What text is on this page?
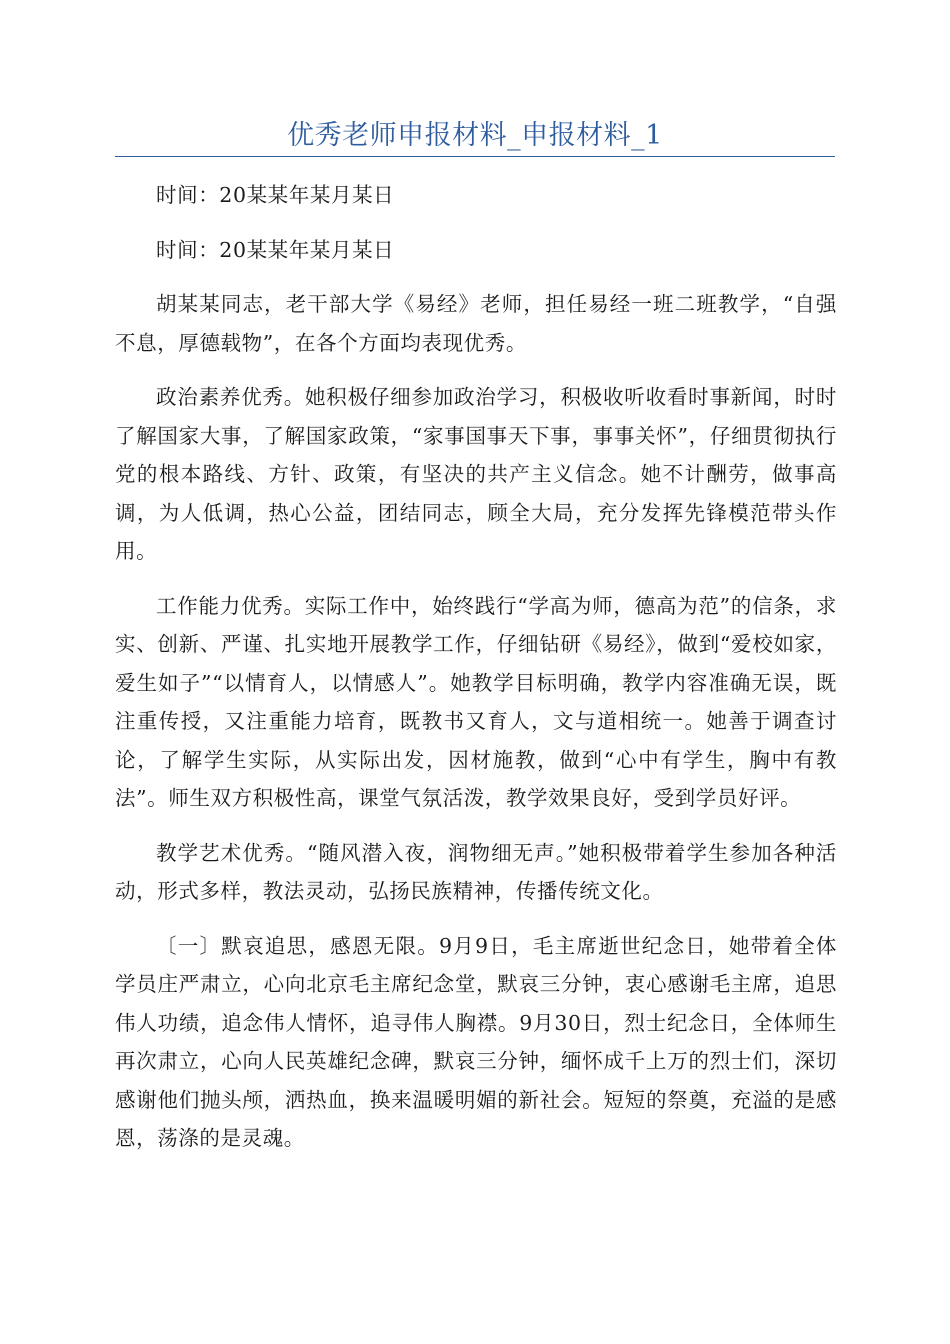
优秀老师申报材料_申报材料_1

时间：20某某年某月某日

时间：20某某年某月某日

胡某某同志，老干部大学《易经》老师，担任易经一班二班教学，“自强不息，厚德载物”，在各个方面均表现优秀。

政治素养优秀。她积极仔细参加政治学习，积极收听收看时事新闻，时时了解国家大事，了解国家政策，“家事国事天下事，事事关怀”，仔细贯彻执行党的根本路线、方针、政策，有坚决的共产主义信念。她不计酬劳，做事高调，为人低调，热心公益，团结同志，顾全大局，充分发挥先锋模范带头作用。

工作能力优秀。实际工作中，始终践行“学高为师，德高为范”的信条，求实、创新、严谨、扎实地开展教学工作，仔细钻研《易经》，做到“爱校如家，爱生如子”“以情育人，以情感人”。她教学目标明确，教学内容准确无误，既注重传授，又注重能力培育，既教书又育人，文与道相统一。她善于调查讨论，了解学生实际，从实际出发，因材施教，做到“心中有学生，胸中有教法”。师生双方积极性高，课堂气氛活泼，教学效果良好，受到学员好评。

教学艺术优秀。“随风潜入夜，润物细无声。”她积极带着学生参加各种活动，形式多样，教法灵动，弘扬民族精神，传播传统文化。

〔一〕默哀追思，感恩无限。9月9日，毛主席逝世纪念日，她带着全体学员庄严肃立，心向北京毛主席纪念堂，默哀三分钟，衷心感谢毛主席，追思伟人功绩，追念伟人情怀，追寻伟人胸襟。9月30日，烈士纪念日，全体师生再次肃立，心向人民英雄纪念碑，默哀三分钟，缅怀成千上万的烈士们，深切感谢他们抛头颅，洒热血，换来温暖明媚的新社会。短短的祭奠，充溢的是感恩，荡涤的是灵魂。
